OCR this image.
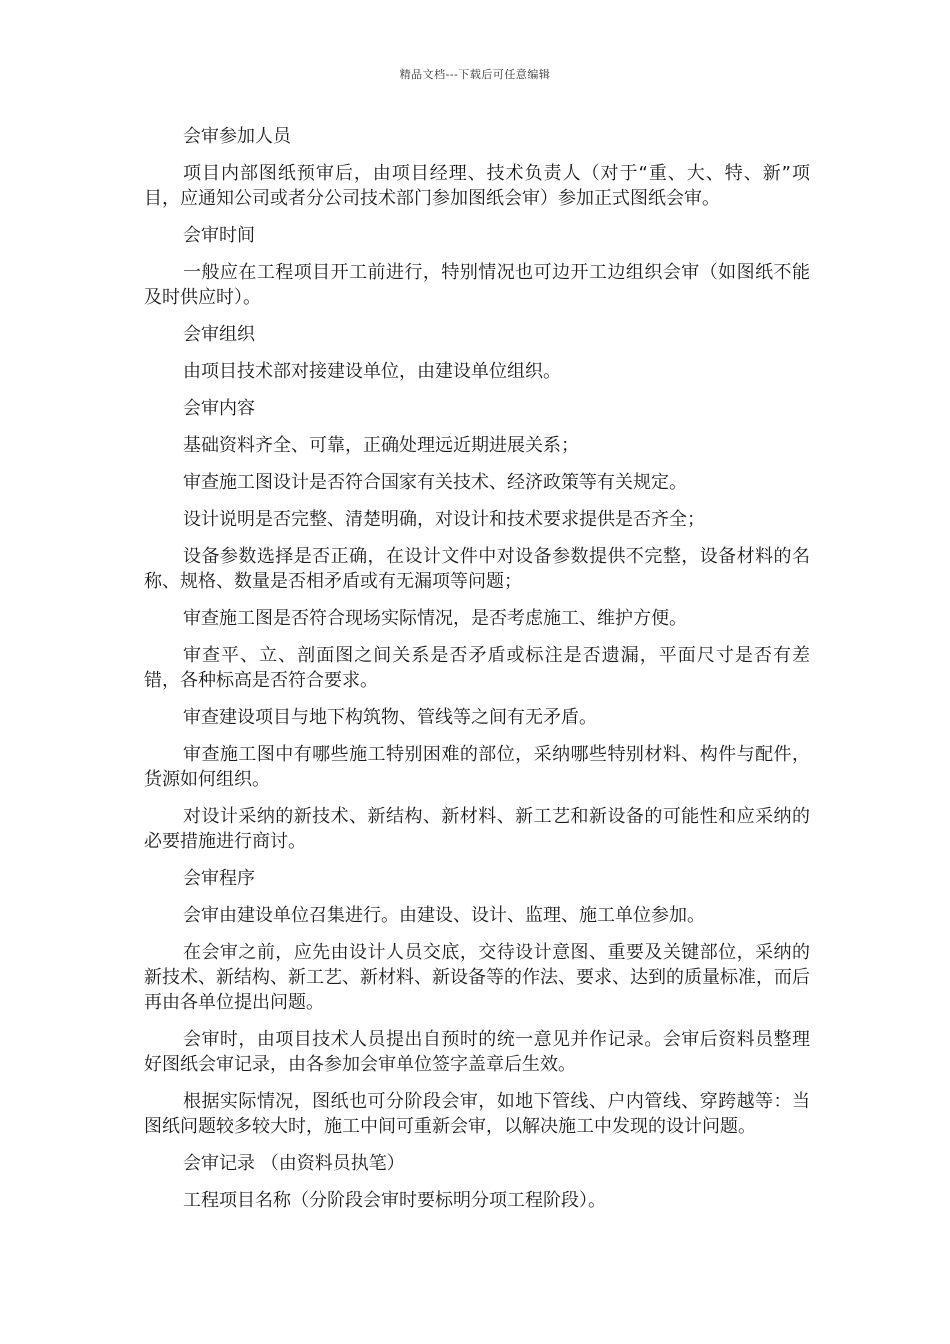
精品文档---下载后可任意编辑

会审参加人员

项目内部图纸预审后，由项目经理、技术负责人（对于“重、大、特、新”项目，应通知公司或者分公司技术部门参加图纸会审）参加正式图纸会审。

会审时间

一般应在工程项目开工前进行，特别情况也可边开工边组织会审（如图纸不能及时供应时）。

会审组织

由项目技术部对接建设单位，由建设单位组织。

会审内容

基础资料齐全、可靠，正确处理远近期进展关系；

审查施工图设计是否符合国家有关技术、经济政策等有关规定。

设计说明是否完整、清楚明确，对设计和技术要求提供是否齐全；

设备参数选择是否正确，在设计文件中对设备参数提供不完整，设备材料的名称、规格、数量是否相矛盾或有无漏项等问题；

审查施工图是否符合现场实际情况，是否考虑施工、维护方便。

审查平、立、剖面图之间关系是否矛盾或标注是否遗漏，平面尺寸是否有差错，各种标高是否符合要求。

审查建设项目与地下构筑物、管线等之间有无矛盾。

审查施工图中有哪些施工特别困难的部位，采纳哪些特别材料、构件与配件，货源如何组织。

对设计采纳的新技术、新结构、新材料、新工艺和新设备的可能性和应采纳的必要措施进行商讨。

会审程序

会审由建设单位召集进行。由建设、设计、监理、施工单位参加。

在会审之前，应先由设计人员交底，交待设计意图、重要及关键部位，采纳的新技术、新结构、新工艺、新材料、新设备等的作法、要求、达到的质量标准，而后再由各单位提出问题。

会审时，由项目技术人员提出自预时的统一意见并作记录。会审后资料员整理好图纸会审记录，由各参加会审单位签字盖章后生效。

根据实际情况，图纸也可分阶段会审，如地下管线、户内管线、穿跨越等：当图纸问题较多较大时，施工中间可重新会审，以解决施工中发现的设计问题。

会审记录 （由资料员执笔）

工程项目名称（分阶段会审时要标明分项工程阶段）。
